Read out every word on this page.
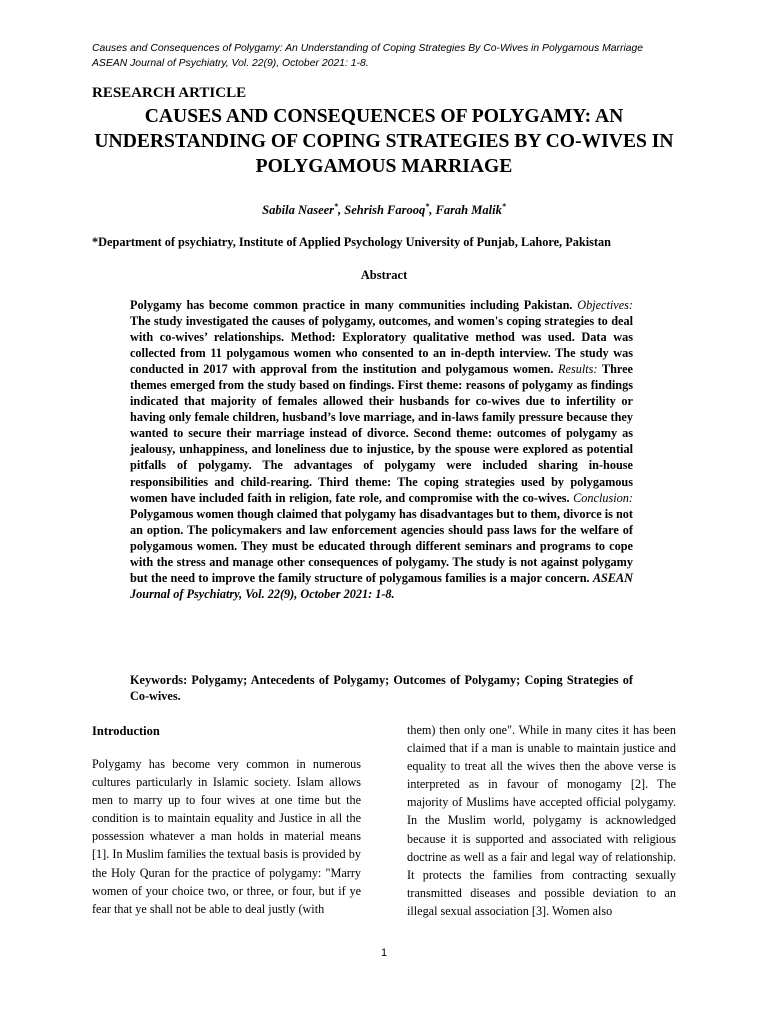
Causes and Consequences of Polygamy: An Understanding of Coping Strategies By Co-Wives in Polygamous Marriage
ASEAN Journal of Psychiatry, Vol. 22(9), October 2021: 1-8.
RESEARCH ARTICLE
CAUSES AND CONSEQUENCES OF POLYGAMY: AN UNDERSTANDING OF COPING STRATEGIES BY CO-WIVES IN POLYGAMOUS MARRIAGE
Sabila Naseer*, Sehrish Farooq*, Farah Malik*
*Department of psychiatry, Institute of Applied Psychology University of Punjab, Lahore, Pakistan
Abstract

Polygamy has become common practice in many communities including Pakistan. Objectives: The study investigated the causes of polygamy, outcomes, and women's coping strategies to deal with co-wives’ relationships. Method: Exploratory qualitative method was used. Data was collected from 11 polygamous women who consented to an in-depth interview. The study was conducted in 2017 with approval from the institution and polygamous women. Results: Three themes emerged from the study based on findings. First theme: reasons of polygamy as findings indicated that majority of females allowed their husbands for co-wives due to infertility or having only female children, husband’s love marriage, and in-laws family pressure because they wanted to secure their marriage instead of divorce. Second theme: outcomes of polygamy as jealousy, unhappiness, and loneliness due to injustice, by the spouse were explored as potential pitfalls of polygamy. The advantages of polygamy were included sharing in-house responsibilities and child-rearing. Third theme: The coping strategies used by polygamous women have included faith in religion, fate role, and compromise with the co-wives. Conclusion: Polygamous women though claimed that polygamy has disadvantages but to them, divorce is not an option. The policymakers and law enforcement agencies should pass laws for the welfare of polygamous women. They must be educated through different seminars and programs to cope with the stress and manage other consequences of polygamy. The study is not against polygamy but the need to improve the family structure of polygamous families is a major concern. ASEAN Journal of Psychiatry, Vol. 22(9), October 2021: 1-8.

Keywords: Polygamy; Antecedents of Polygamy; Outcomes of Polygamy; Coping Strategies of Co-wives.

Introduction

Polygamy has become very common in numerous cultures particularly in Islamic society. Islam allows men to marry up to four wives at one time but the condition is to maintain equality and Justice in all the possession whatever a man holds in material means [1]. In Muslim families the textual basis is provided by the Holy Quran for the practice of polygamy: "Marry women of your choice two, or three, or four, but if ye fear that ye shall not be able to deal justly (with

them) then only one". While in many cites it has been claimed that if a man is unable to maintain justice and equality to treat all the wives then the above verse is interpreted as in favour of monogamy [2]. The majority of Muslims have accepted official polygamy. In the Muslim world, polygamy is acknowledged because it is supported and associated with religious doctrine as well as a fair and legal way of relationship. It protects the families from contracting sexually transmitted diseases and possible deviation to an illegal sexual association [3]. Women also

1
